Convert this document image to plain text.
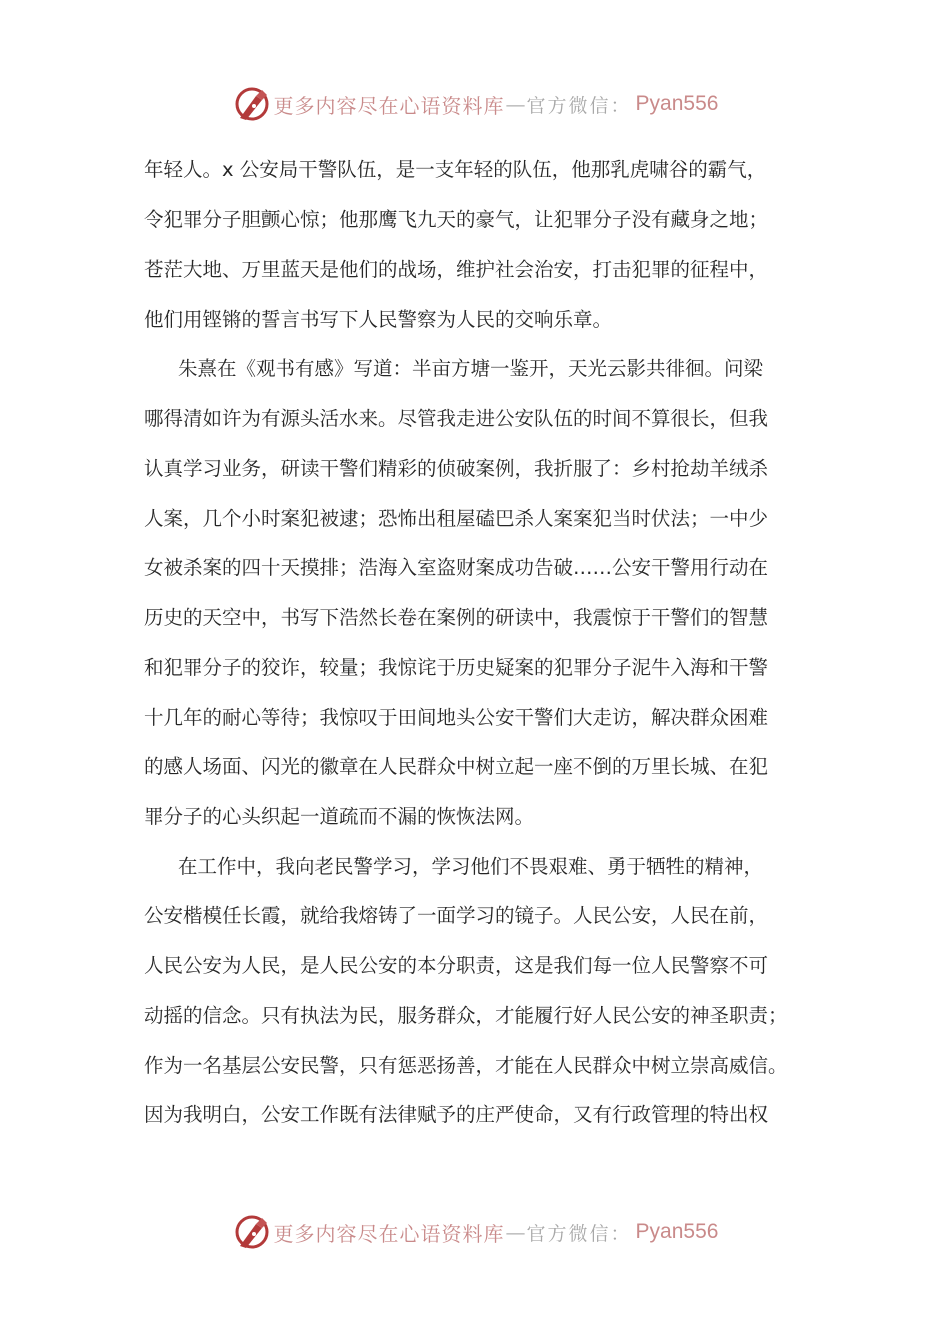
更多内容尽在心语资料库 — 官方微信： Pyan556
年轻人。x 公安局干警队伍，是一支年轻的队伍，他那乳虎啸谷的霸气，
令犯罪分子胆颤心惊；他那鹰飞九天的豪气，让犯罪分子没有藏身之地；
苍茫大地、万里蓝天是他们的战场，维护社会治安，打击犯罪的征程中，
他们用铿锵的誓言书写下人民警察为人民的交响乐章。
朱熹在《观书有感》写道：半亩方塘一鉴开，天光云影共徘徊。问梁
哪得清如许为有源头活水来。尽管我走进公安队伍的时间不算很长，但我
认真学习业务，研读干警们精彩的侦破案例，我折服了：乡村抢劫羊绒杀
人案，几个小时案犯被逮；恐怖出租屋磕巴杀人案案犯当时伏法；一中少
女被杀案的四十天摸排；浩海入室盗财案成功告破……公安干警用行动在
历史的天空中，书写下浩然长卷在案例的研读中，我震惊于干警们的智慧
和犯罪分子的狡诈，较量；我惊诧于历史疑案的犯罪分子泥牛入海和干警
十几年的耐心等待；我惊叹于田间地头公安干警们大走访，解决群众困难
的感人场面、闪光的徽章在人民群众中树立起一座不倒的万里长城、在犯
罪分子的心头织起一道疏而不漏的恢恢法网。
在工作中，我向老民警学习，学习他们不畏艰难、勇于牺牲的精神，
公安楷模任长霞，就给我熔铸了一面学习的镜子。人民公安，人民在前，
人民公安为人民，是人民公安的本分职责，这是我们每一位人民警察不可
动摇的信念。只有执法为民，服务群众，才能履行好人民公安的神圣职责；
作为一名基层公安民警，只有惩恶扬善，才能在人民群众中树立崇高威信。
因为我明白，公安工作既有法律赋予的庄严使命，又有行政管理的特出权
更多内容尽在心语资料库 — 官方微信： Pyan556
